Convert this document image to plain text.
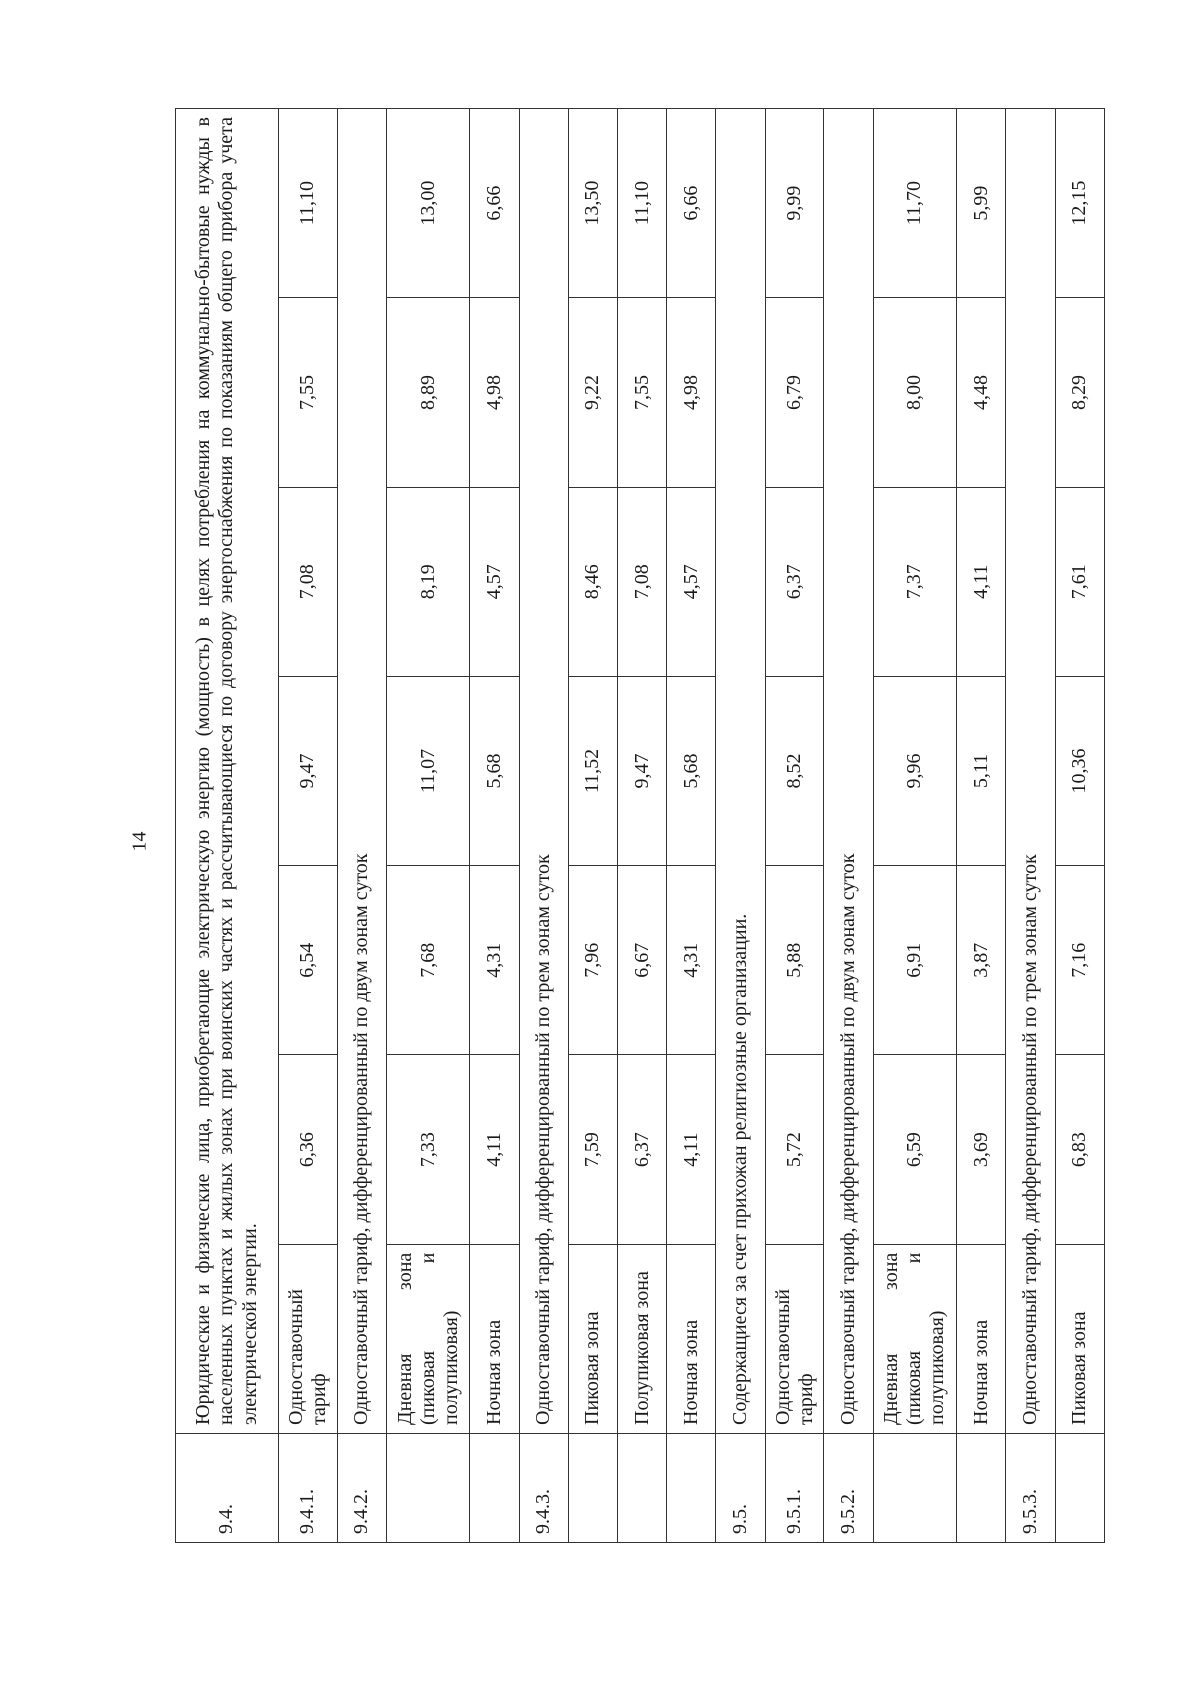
14
9.4.	Юридические и физические лица, приобретающие электрическую энергию (мощность) в целях потребления на коммунально-бытовые нужды в населенных пунктах и жилых зонах при воинских частях и рассчитывающиеся по договору энергоснабжения по показаниям общего прибора учета электрической энергии.						
9.4.1.	Одноставочный тариф	6,36	6,54	9,47	7,08	7,55	11,10
9.4.2.	Одноставочный тариф, дифференцированный по двум зонам суток						

	Дневная зона (пиковая и полупиковая)	7,33	7,68	11,07	8,19	8,89	13,00

	Ночная зона	4,11	4,31	5,68	4,57	4,98	6,66
9.4.3.	Одноставочный тариф, дифференцированный по трем зонам суток						

	Пиковая зона	7,59	7,96	11,52	8,46	9,22	13,50

	Полупиковая зона	6,37	6,67	9,47	7,08	7,55	11,10

	Ночная зона	4,11	4,31	5,68	4,57	4,98	6,66
9.5.	Содержащиеся за счет прихожан религиозные организации.						
9.5.1.	Одноставочный тариф	5,72	5,88	8,52	6,37	6,79	9,99
9.5.2.	Одноставочный тариф, дифференцированный по двум зонам суток						

	Дневная зона (пиковая и полупиковая)	6,59	6,91	9,96	7,37	8,00	11,70

	Ночная зона	3,69	3,87	5,11	4,11	4,48	5,99
9.5.3.	Одноставочный тариф, дифференцированный по трем зонам суток						

	Пиковая зона	6,83	7,16	10,36	7,61	8,29	12,15
